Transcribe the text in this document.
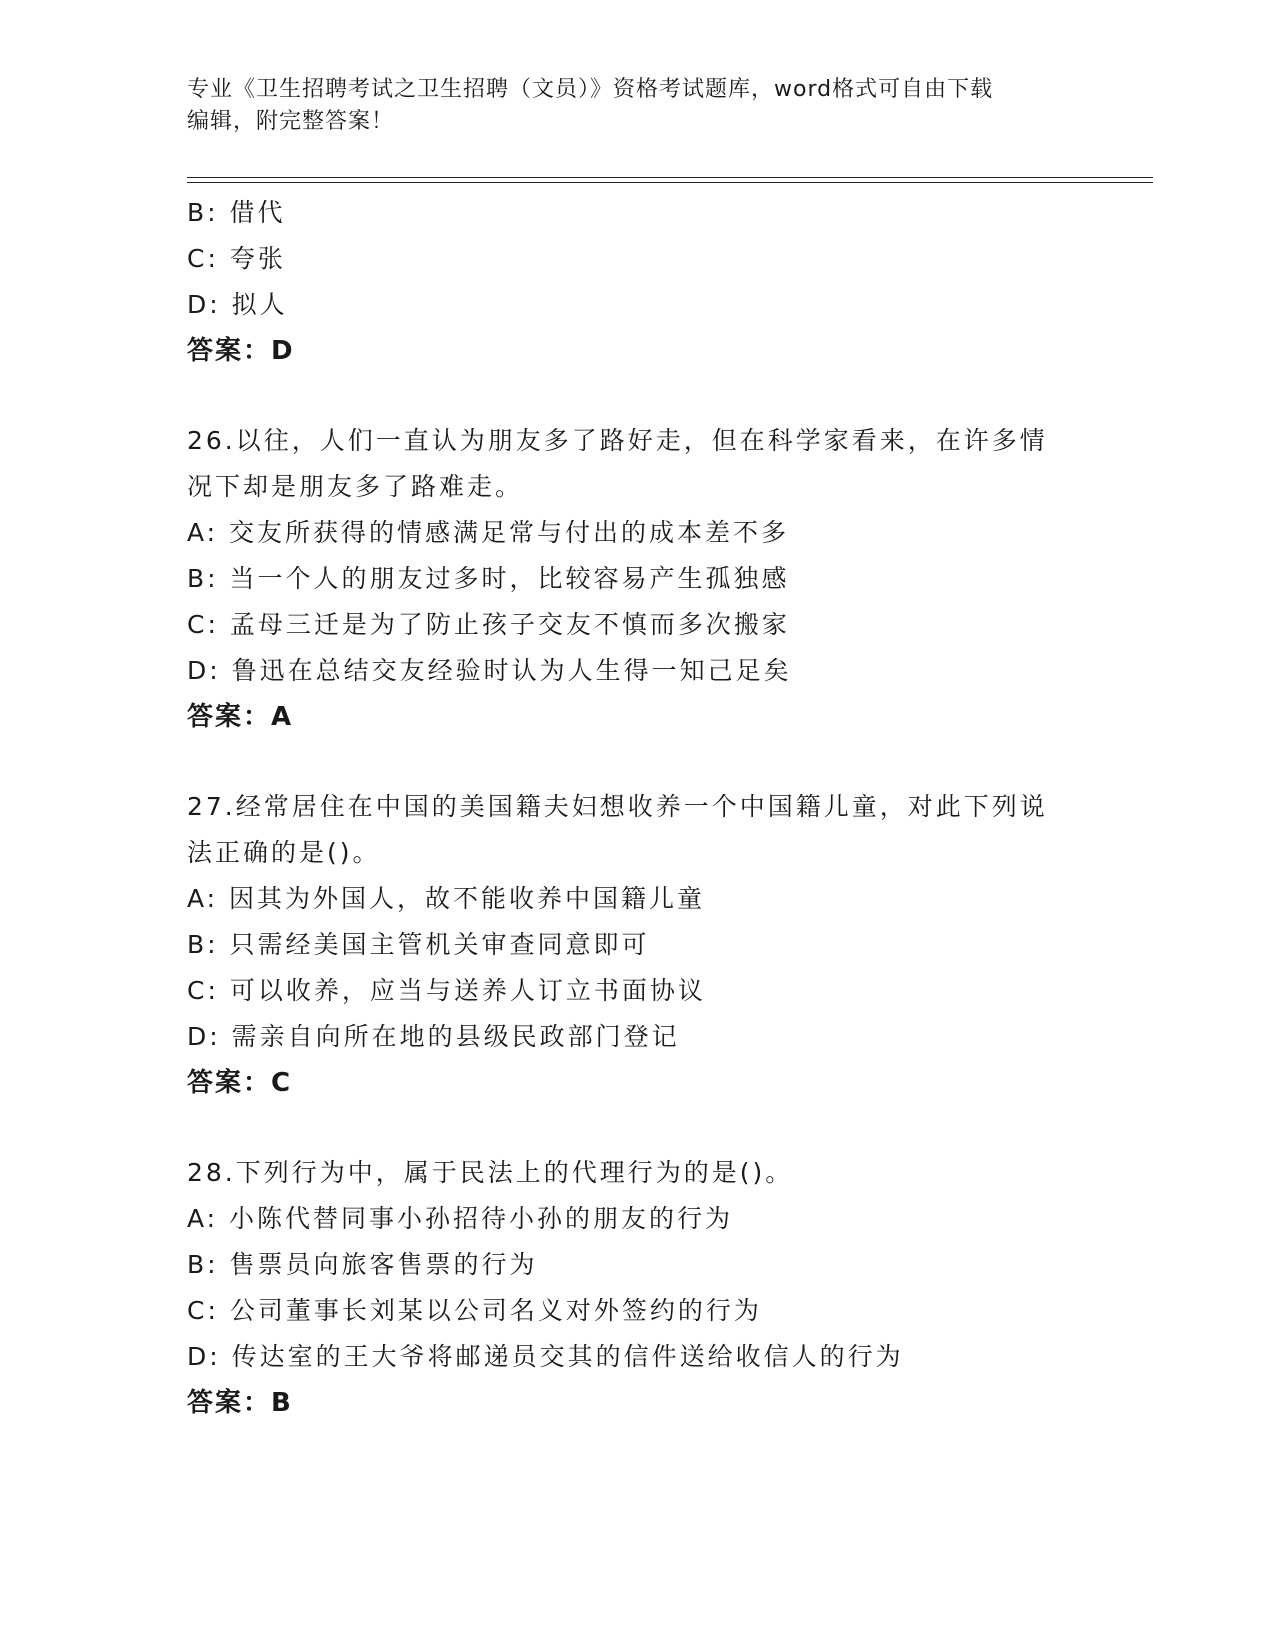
专业《卫生招聘考试之卫生招聘（文员）》资格考试题库，word格式可自由下载
编辑，附完整答案！
B: 借代
C: 夸张
D: 拟人
答案：D
26.以往，人们一直认为朋友多了路好走，但在科学家看来，在许多情
况下却是朋友多了路难走。
A: 交友所获得的情感满足常与付出的成本差不多
B: 当一个人的朋友过多时，比较容易产生孤独感
C: 孟母三迁是为了防止孩子交友不慎而多次搬家
D: 鲁迅在总结交友经验时认为人生得一知己足矣
答案：A
27.经常居住在中国的美国籍夫妇想收养一个中国籍儿童，对此下列说
法正确的是()。
A: 因其为外国人，故不能收养中国籍儿童
B: 只需经美国主管机关审查同意即可
C: 可以收养，应当与送养人订立书面协议
D: 需亲自向所在地的县级民政部门登记
答案：C
28.下列行为中，属于民法上的代理行为的是()。
A: 小陈代替同事小孙招待小孙的朋友的行为
B: 售票员向旅客售票的行为
C: 公司董事长刘某以公司名义对外签约的行为
D: 传达室的王大爷将邮递员交其的信件送给收信人的行为
答案：B
